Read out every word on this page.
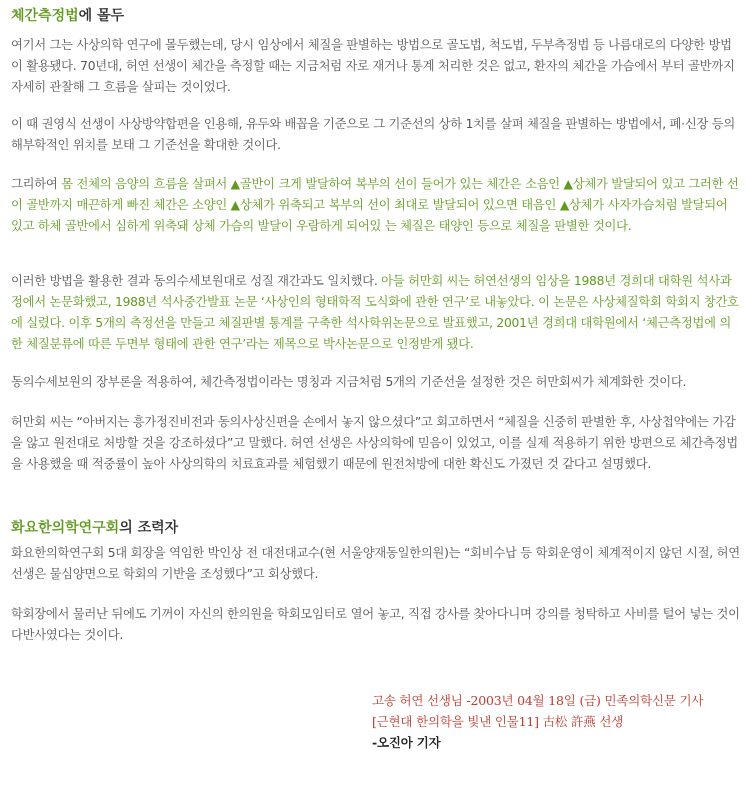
체간측정법에 몰두

여기서 그는 사상의학 연구에 몰두했는데, 당시 임상에서 체질을 판별하는 방법으로 골도법, 척도법, 두부측정법 등 나름대로의 다양한 방법이 활용됐다. 70년대, 허연 선생이 체간을 측정할 때는 지금처럼 자로 재거나 통계 처리한 것은 없고, 환자의 체간을 가슴에서 부터 골반까지 자세히 관찰해 그 흐름을 살피는 것이었다.

이 때 권영식 선생이 사상방약합편을 인용해, 유두와 배꼽을 기준으로 그 기준선의 상하 1치를 살펴 체질을 판별하는 방법에서, 폐·신장 등의 해부학적인 위치를 보태 그 기준선을 확대한 것이다.

그리하여 몸 전체의 음양의 흐름을 살펴서 ▲골반이 크게 발달하여 복부의 선이 들어가 있는 체간은 소음인 ▲상체가 발달되어 있고 그러한 선이 골반까지 매끈하게 빠진 체간은 소양인 ▲상체가 위축되고 복부의 선이 최대로 발달되어 있으면 태음인 ▲상체가 사자가슴처럼 발달되어 있고 하체 골반에서 심하게 위축돼 상체 가슴의 발달이 우람하게 되어있 는 체질은 태양인 등으로 체질을 판별한 것이다.

이러한 방법을 활용한 결과 동의수세보원대로 성질 재간과도 일치했다. 아들 허만회 씨는 허연선생의 임상을 1988년 경희대 대학원 석사과정에서 논문화했고, 1988년 석사중간발표 논문 ‘사상인의 형태학적 도식화에 관한 연구’로 내놓았다. 이 논문은 사상체질학회 학회지 창간호에 실렸다. 이후 5개의 측정선을 만들고 체질판별 통계를 구축한 석사학위논문으로 발표했고, 2001년 경희대 대학원에서 ‘체근측정법에 의한 체질분류에 따른 두면부 형태에 관한 연구’라는 제목으로 박사논문으로 인정받게 됐다.

동의수세보원의 장부론을 적용하여, 체간측정법이라는 명칭과 지금처럼 5개의 기준선을 설정한 것은 허만회씨가 체계화한 것이다.

허만회 씨는 “아버지는 흥가정진비전과 동의사상신편을 손에서 놓지 않으셨다”고 회고하면서 “체질을 신중히 판별한 후, 사상첩약에는 가감을 않고 원전대로 처방할 것을 강조하셨다”고 말했다. 허연 선생은 사상의학에 믿음이 있었고, 이를 실제 적용하기 위한 방편으로 체간측정법을 사용했을 때 적중률이 높아 사상의학의 치료효과를 체험했기 때문에 원전처방에 대한 확신도 가졌던 것 같다고 설명했다.

화요한의학연구회의 조력자

화요한의학연구회 5대 회장을 역임한 박인상 전 대전대교수(현 서울양재동일한의원)는 “회비수납 등 학회운영이 체계적이지 않던 시절, 허연 선생은 물심양면으로 학회의 기반을 조성했다”고 회상했다.

학회장에서 물러난 뒤에도 기꺼이 자신의 한의원을 학회모임터로 열어 놓고, 직접 강사를 찾아다니며 강의를 청탁하고 사비를 털어 넣는 것이 다반사였다는 것이다.

고송 허연 선생님 -2003년 04월 18일 (금) 민족의학신문 기사
[근현대 한의학을 빛낸 인물11] 古松 許燕 선생
-오진아 기자
